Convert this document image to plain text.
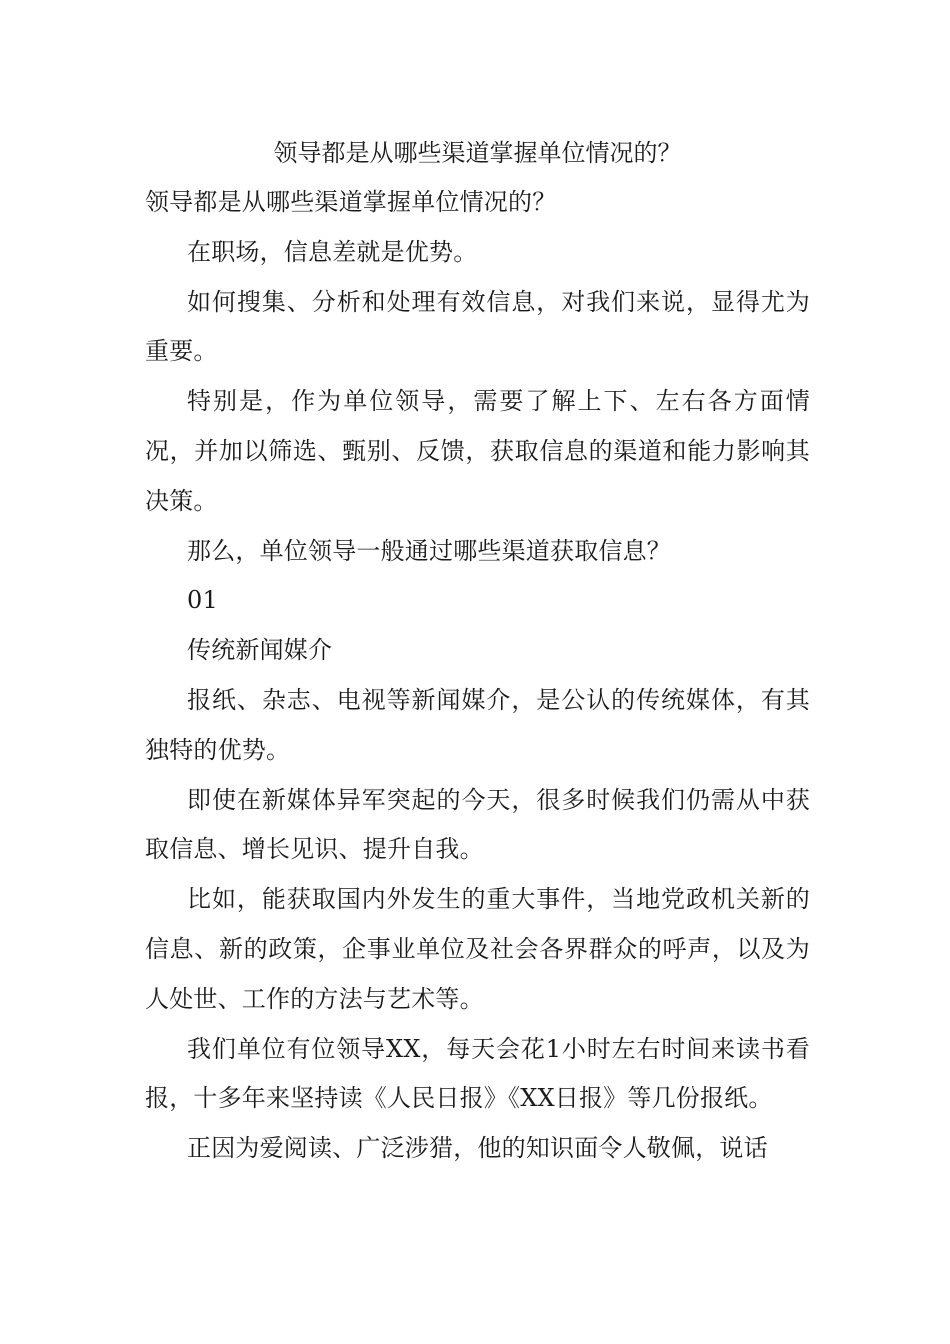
领导都是从哪些渠道掌握单位情况的？

领导都是从哪些渠道掌握单位情况的？

在职场，信息差就是优势。

如何搜集、分析和处理有效信息，对我们来说，显得尤为重要。

特别是，作为单位领导，需要了解上下、左右各方面情况，并加以筛选、甄别、反馈，获取信息的渠道和能力影响其决策。

那么，单位领导一般通过哪些渠道获取信息？

01

传统新闻媒介

报纸、杂志、电视等新闻媒介，是公认的传统媒体，有其独特的优势。

即使在新媒体异军突起的今天，很多时候我们仍需从中获取信息、增长见识、提升自我。

比如，能获取国内外发生的重大事件，当地党政机关新的信息、新的政策，企事业单位及社会各界群众的呼声，以及为人处世、工作的方法与艺术等。

我们单位有位领导XX，每天会花1小时左右时间来读书看报，十多年来坚持读《人民日报》《XX日报》等几份报纸。

正因为爱阅读、广泛涉猎，他的知识面令人敬佩，说话
